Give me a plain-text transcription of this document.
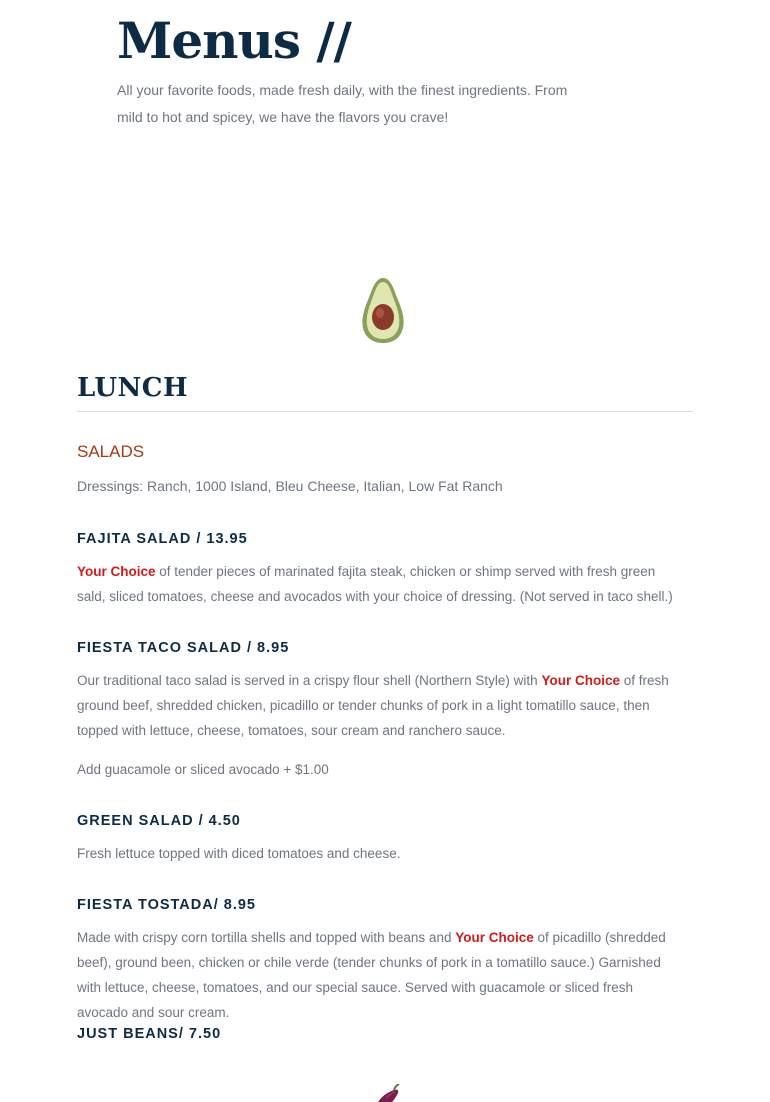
Menus //

All your favorite foods, made fresh daily, with the finest ingredients. From mild to hot and spicey, we have the flavors you crave!

LUNCH
SALADS

Dressings: Ranch, 1000 Island, Bleu Cheese, Italian, Low Fat Ranch

FAJITA SALAD / 13.95

Your Choice of tender pieces of marinated fajita steak, chicken or shimp served with fresh green sald, sliced tomatoes, cheese and avocados with your choice of dressing. (Not served in taco shell.)

FIESTA TACO SALAD / 8.95

Our traditional taco salad is served in a crispy flour shell (Northern Style) with Your Choice of fresh ground beef, shredded chicken, picadillo or tender chunks of pork in a light tomatillo sauce, then topped with lettuce, cheese, tomatoes, sour cream and ranchero sauce.

Add guacamole or sliced avocado + $1.00

GREEN SALAD / 4.50

Fresh lettuce topped with diced tomatoes and cheese.

FIESTA TOSTADA/ 8.95

Made with crispy corn tortilla shells and topped with beans and Your Choice of picadillo (shredded beef), ground been, chicken or chile verde (tender chunks of pork in a tomatillo sauce.) Garnished with lettuce, cheese, tomatoes, and our special sauce. Served with guacamole or sliced fresh avocado and sour cream.

JUST BEANS/ 7.50
